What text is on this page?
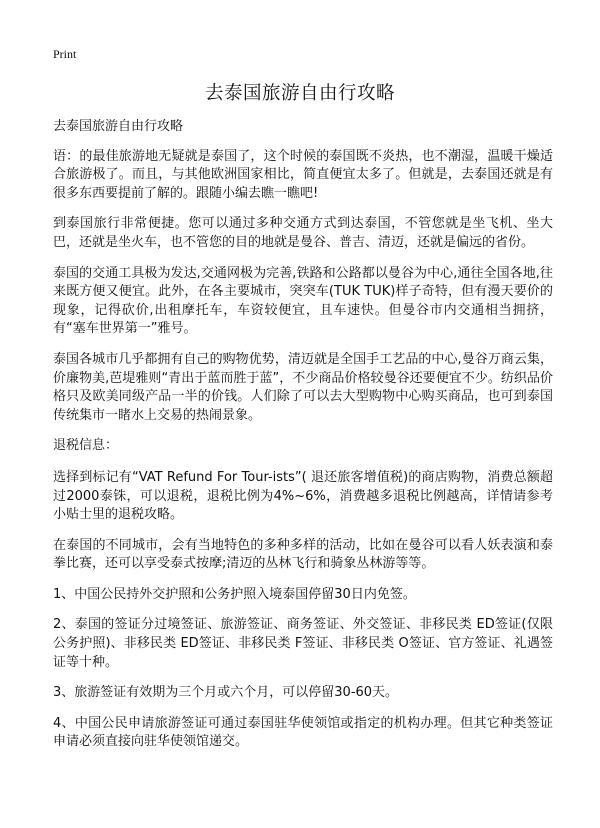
Print
去泰国旅游自由行攻略

去泰国旅游自由行攻略

语：的最佳旅游地无疑就是泰国了，这个时候的泰国既不炎热，也不潮湿，温暖干燥适合旅游极了。而且，与其他欧洲国家相比，简直便宜太多了。但就是，去泰国还就是有很多东西要提前了解的。跟随小编去瞧一瞧吧!

到泰国旅行非常便捷。您可以通过多种交通方式到达泰国，不管您就是坐飞机、坐大巴，还就是坐火车，也不管您的目的地就是曼谷、普吉、清迈，还就是偏远的省份。

泰国的交通工具极为发达,交通网极为完善,铁路和公路都以曼谷为中心,通往全国各地,往来既方便又便宜。此外，在各主要城市，突突车(TUK TUK)样子奇特，但有漫天要价的现象，记得砍价,出租摩托车，车资较便宜，且车速快。但曼谷市内交通相当拥挤，有“塞车世界第一”雅号。

泰国各城市几乎都拥有自己的购物优势，清迈就是全国手工艺品的中心,曼谷万商云集，价廉物美,芭堤雅则“青出于蓝而胜于蓝”，不少商品价格较曼谷还要便宜不少。纺织品价格只及欧美同级产品一半的价钱。人们除了可以去大型购物中心购买商品，也可到泰国传统集市一睹水上交易的热闹景象。

退税信息：

选择到标记有“VAT Refund For Tour-ists”( 退还旅客增值税)的商店购物，消费总额超过2000泰铢，可以退税，退税比例为4%~6%，消费越多退税比例越高，详情请参考小贴士里的退税攻略。

在泰国的不同城市，会有当地特色的多种多样的活动，比如在曼谷可以看人妖表演和泰拳比赛，还可以享受泰式按摩;清迈的丛林飞行和骑象丛林游等等。

1、中国公民持外交护照和公务护照入境泰国停留30日内免签。

2、泰国的签证分过境签证、旅游签证、商务签证、外交签证、非移民类 ED签证(仅限公务护照)、非移民类 ED签证、非移民类 F签证、非移民类 O签证、官方签证、礼遇签证等十种。

3、旅游签证有效期为三个月或六个月，可以停留30-60天。

4、中国公民申请旅游签证可通过泰国驻华使领馆或指定的机构办理。但其它种类签证申请必须直接向驻华使领馆递交。
